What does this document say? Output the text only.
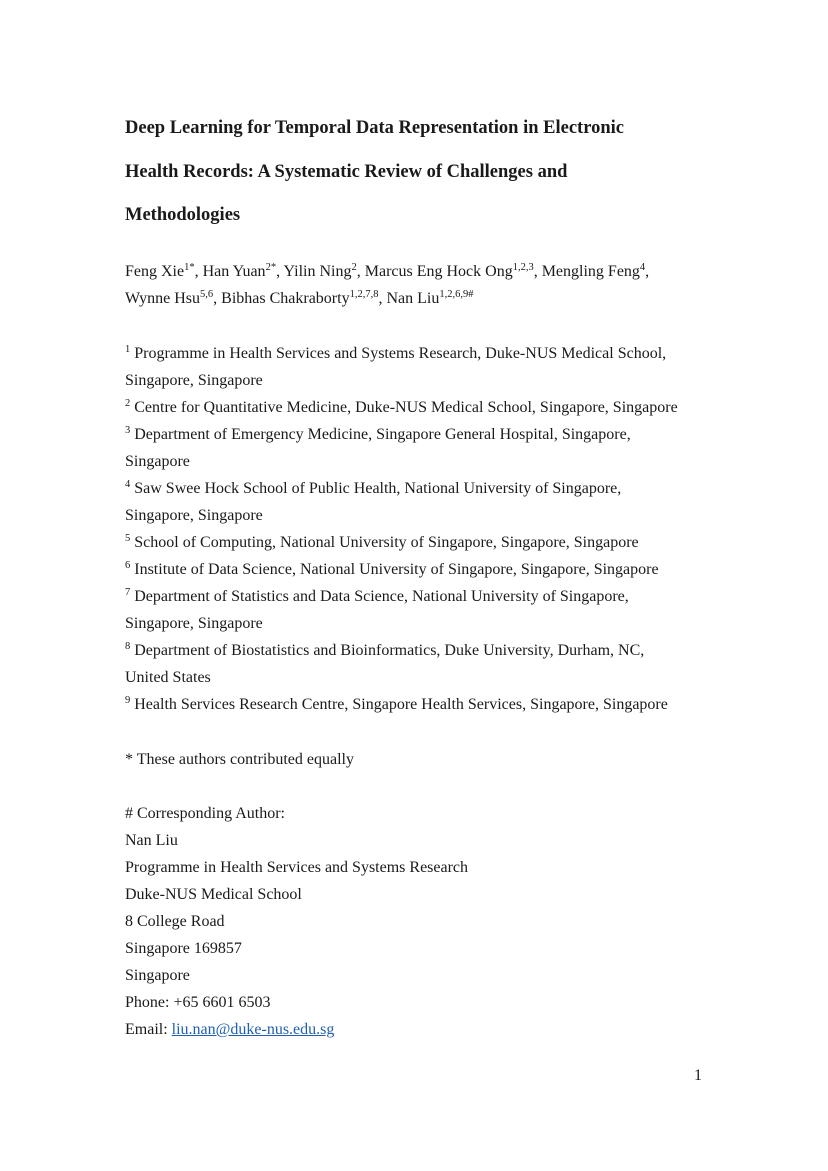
Deep Learning for Temporal Data Representation in Electronic
Health Records: A Systematic Review of Challenges and
Methodologies
Feng Xie$^{1*}$, Han Yuan$^{2*}$, Yilin Ning$^2$, Marcus Eng Hock Ong$^{1,2,3}$, Mengling Feng$^4$,
Wynne Hsu$^{5,6}$, Bibhas Chakraborty$^{1,2,7,8}$, Nan Liu$^{1,2,6,9\#}$
$^1$ Programme in Health Services and Systems Research, Duke-NUS Medical School,
Singapore, Singapore
$^2$ Centre for Quantitative Medicine, Duke-NUS Medical School, Singapore, Singapore
$^3$ Department of Emergency Medicine, Singapore General Hospital, Singapore,
Singapore
$^4$ Saw Swee Hock School of Public Health, National University of Singapore,
Singapore, Singapore
$^5$ School of Computing, National University of Singapore, Singapore, Singapore
$^6$ Institute of Data Science, National University of Singapore, Singapore, Singapore
$^7$ Department of Statistics and Data Science, National University of Singapore,
Singapore, Singapore
$^8$ Department of Biostatistics and Bioinformatics, Duke University, Durham, NC,
United States
$^9$ Health Services Research Centre, Singapore Health Services, Singapore, Singapore
* These authors contributed equally
# Corresponding Author:
Nan Liu
Programme in Health Services and Systems Research
Duke-NUS Medical School
8 College Road
Singapore 169857
Singapore
Phone: +65 6601 6503
Email: liu.nan@duke-nus.edu.sg
1
